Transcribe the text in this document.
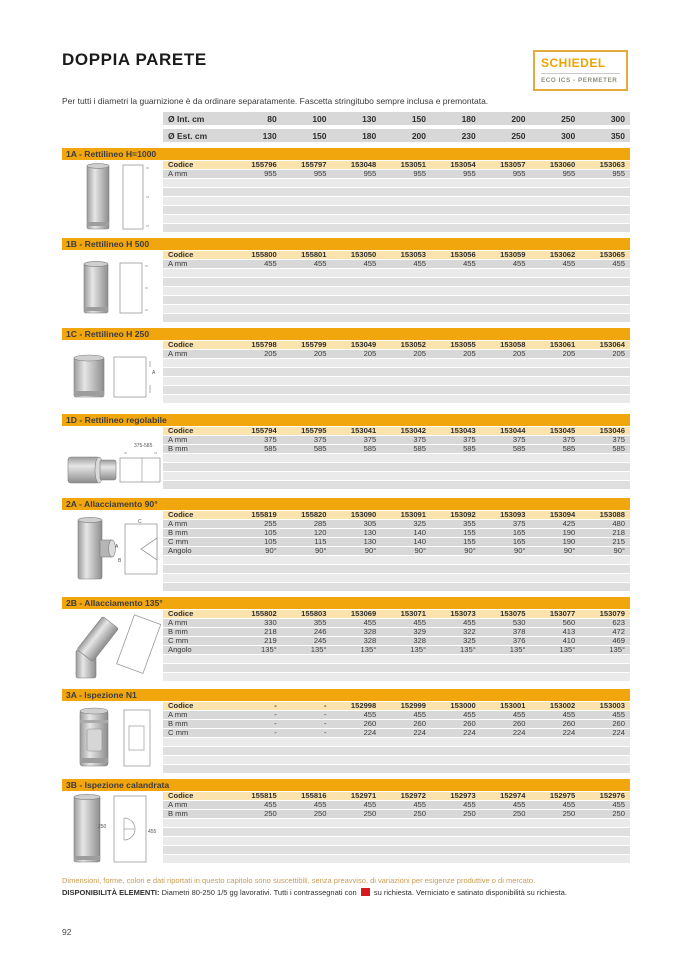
DOPPIA PARETE	SCHIEDEL
ECO ICS - PERMETER
Per tutti i diametri la guarnizione è da ordinare separatamente. Fascetta stringitubo sempre inclusa e premontata.
Ø Int. cm	80	100	130	150	180	200	250	300
Ø Est. cm	130	150	180	200	230	250	300	350
1A - Rettilineo H=1000
Codice	155796	155797	153048	153051	153054	153057	153060	153063
A mm	955	955	955	955	955	955	955	955
1B - Rettilineo H 500
Codice	155800	155801	153050	153053	153056	153059	153062	153065
A mm	455	455	455	455	455	455	455	455
1C - Rettilineo H 250
A
Codice	155798	155799	153049	153052	153055	153058	153061	153064
A mm	205	205	205	205	205	205	205	205
1D - Rettilineo regolabile
375-585
Codice	155794	155795	153041	153042	153043	153044	153045	153046
A mm	375	375	375	375	375	375	375	375
B mm	585	585	585	585	585	585	585	585
2A - Allacciamento 90°
C
A
B
Codice	155819	155820	153090	153091	153092	153093	153094	153088
A mm	255	285	305	325	355	375	425	480
B mm	105	120	130	140	155	165	190	218
C mm	105	115	130	140	155	165	190	215
Angolo	90°	90°	90°	90°	90°	90°	90°	90°
2B - Allacciamento 135°
Codice	155802	155803	153069	153071	153073	153075	153077	153079
A mm	330	355	455	455	455	530	560	623
B mm	218	246	328	329	322	378	413	472
C mm	219	245	328	328	325	376	410	469
Angolo	135°	135°	135°	135°	135°	135°	135°	135°
3A - Ispezione N1
Codice	-	-	152998	152999	153000	153001	153002	153003
A mm	-	-	455	455	455	455	455	455
B mm	-	-	260	260	260	260	260	260
C mm	-	-	224	224	224	224	224	224
3B - Ispezione calandrata
250
455
Codice	155815	155816	152971	152972	152973	152974	152975	152976
A mm	455	455	455	455	455	455	455	455
B mm	250	250	250	250	250	250	250	250
Dimensioni, forme, colori e dati riportati in questo capitolo sono suscettibili, senza preavviso, di variazioni per esigenze produttive o di mercato.
DISPONIBILITÀ ELEMENTI: Diametri 80-250 1/5 gg lavorativi. Tutti i contrassegnati con su richiesta. Verniciato e satinato disponibilità su richiesta.
92
